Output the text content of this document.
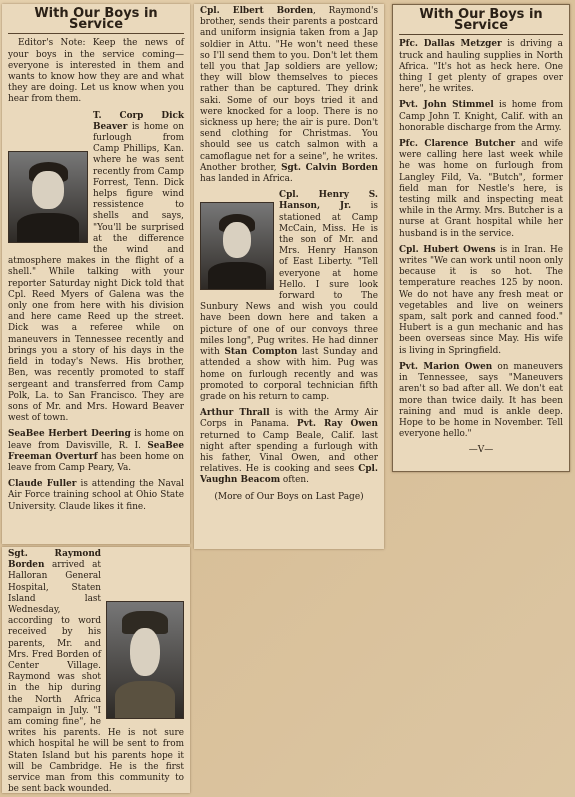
With Our Boys in Service

Editor's Note: Keep the news of your boys in the service coming—everyone is interested in them and wants to know how they are and what they are doing. Let us know when you hear from them.

T. Corp Dick Beaver is home on furlough from Camp Phillips, Kan. where he was sent recently from Camp Forrest, Tenn. Dick helps figure wind ressistence to shells and says, "You'll be surprised at the difference the wind and atmosphere makes in the flight of a shell." While talking with your reporter Saturday night Dick told that Cpl. Reed Myers of Galena was the only one from here with his division and here came Reed up the street. Dick was a referee while on maneuvers in Tennessee recently and brings you a story of his days in the field in today's News. His brother, Ben, was recently promoted to staff sergeant and transferred from Camp Polk, La. to San Francisco. They are sons of Mr. and Mrs. Howard Beaver west of town.

SeaBee Herbert Deering is home on leave from Davisville, R. I. SeaBee Freeman Overturf has been home on leave from Camp Peary, Va.

Claude Fuller is attending the Naval Air Force training school at Ohio State University. Claude likes it fine.

Sgt. Raymond Borden arrived at Halloran General Hospital, Staten Island last Wednesday, according to word received by his parents, Mr. and Mrs. Fred Borden of Center Village. Raymond was shot in the hip during the North Africa campaign in July. "I am coming fine", he writes his parents. He is not sure which hospital he will be sent to from Staten Island but his parents hope it will be Cambridge. He is the first service man from this community to be sent back wounded.

Cpl. Elbert Borden, Raymond's brother, sends their parents a postcard and uniform insignia taken from a Jap soldier in Attu. "He won't need these so I'll send them to you. Don't let them tell you that Jap soldiers are yellow; they will blow themselves to pieces rather than be captured. They drink saki. Some of our boys tried it and were knocked for a loop. There is no sickness up here; the air is pure. Don't send clothing for Christmas. You should see us catch salmon with a camoflague net for a seine", he writes. Another brother, Sgt. Calvin Borden has landed in Africa.

Cpl. Henry S. Hanson, Jr. is stationed at Camp McCain, Miss. He is the son of Mr. and Mrs. Henry Hanson of East Liberty. "Tell everyone at home Hello. I sure look forward to The Sunbury News and wish you could have been down here and taken a picture of one of our convoys three miles long", Pug writes. He had dinner with Stan Compton last Sunday and attended a show with him. Pug was home on furlough recently and was promoted to corporal technician fifth grade on his return to camp.

Arthur Thrall is with the Army Air Corps in Panama. Pvt. Ray Owen returned to Camp Beale, Calif. last night after spending a furlough with his father, Vinal Owen, and other relatives. He is cooking and sees Cpl. Vaughn Beacom often.

(More of Our Boys on Last Page)

With Our Boys in Service

Pfc. Dallas Metzger is driving a truck and hauling supplies in North Africa. "It's hot as heck here. One thing I get plenty of grapes over here", he writes.

Pvt. John Stimmel is home from Camp John T. Knight, Calif. with an honorable discharge from the Army.

Pfc. Clarence Butcher and wife were calling here last week while he was home on furlough from Langley Fild, Va. "Butch", former field man for Nestle's here, is testing milk and inspecting meat while in the Army. Mrs. Butcher is a nurse at Grant hospital while her husband is in the service.

Cpl. Hubert Owens is in Iran. He writes "We can work until noon only because it is so hot. The temperature reaches 125 by noon. We do not have any fresh meat or vegetables and live on weiners spam, salt pork and canned food." Hubert is a gun mechanic and has been overseas since May. His wife is living in Springfield.

Pvt. Marion Owen on maneuvers in Tennessee, says "Maneuvers aren't so bad after all. We don't eat more than twice daily. It has been raining and mud is ankle deep. Hope to be home in November. Tell everyone hello."

—V—
